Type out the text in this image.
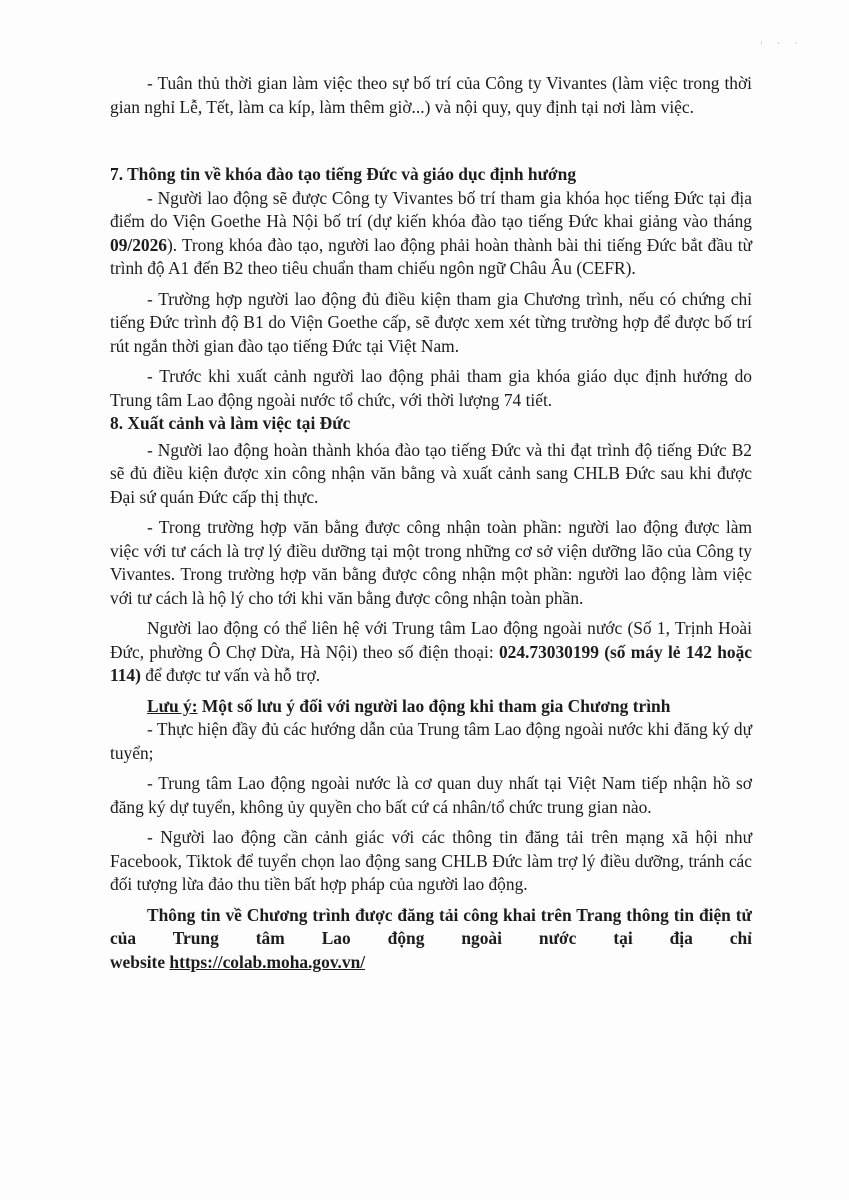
· · ·

- Tuân thủ thời gian làm việc theo sự bố trí của Công ty Vivantes (làm việc trong thời gian nghỉ Lễ, Tết, làm ca kíp, làm thêm giờ...) và nội quy, quy định tại nơi làm việc.

7. Thông tin về khóa đào tạo tiếng Đức và giáo dục định hướng

- Người lao động sẽ được Công ty Vivantes bố trí tham gia khóa học tiếng Đức tại địa điểm do Viện Goethe Hà Nội bố trí (dự kiến khóa đào tạo tiếng Đức khai giảng vào tháng 09/2026). Trong khóa đào tạo, người lao động phải hoàn thành bài thi tiếng Đức bắt đầu từ trình độ A1 đến B2 theo tiêu chuẩn tham chiếu ngôn ngữ Châu Âu (CEFR).

- Trường hợp người lao động đủ điều kiện tham gia Chương trình, nếu có chứng chỉ tiếng Đức trình độ B1 do Viện Goethe cấp, sẽ được xem xét từng trường hợp để được bố trí rút ngắn thời gian đào tạo tiếng Đức tại Việt Nam.

- Trước khi xuất cảnh người lao động phải tham gia khóa giáo dục định hướng do Trung tâm Lao động ngoài nước tổ chức, với thời lượng 74 tiết.

8. Xuất cảnh và làm việc tại Đức

- Người lao động hoàn thành khóa đào tạo tiếng Đức và thi đạt trình độ tiếng Đức B2 sẽ đủ điều kiện được xin công nhận văn bằng và xuất cảnh sang CHLB Đức sau khi được Đại sứ quán Đức cấp thị thực.

- Trong trường hợp văn bằng được công nhận toàn phần: người lao động được làm việc với tư cách là trợ lý điều dưỡng tại một trong những cơ sở viện dưỡng lão của Công ty Vivantes. Trong trường hợp văn bằng được công nhận một phần: người lao động làm việc với tư cách là hộ lý cho tới khi văn bằng được công nhận toàn phần.

Người lao động có thể liên hệ với Trung tâm Lao động ngoài nước (Số 1, Trịnh Hoài Đức, phường Ô Chợ Dừa, Hà Nội) theo số điện thoại: 024.73030199 (số máy lẻ 142 hoặc 114) để được tư vấn và hỗ trợ.

Lưu ý: Một số lưu ý đối với người lao động khi tham gia Chương trình

- Thực hiện đầy đủ các hướng dẫn của Trung tâm Lao động ngoài nước khi đăng ký dự tuyển;

- Trung tâm Lao động ngoài nước là cơ quan duy nhất tại Việt Nam tiếp nhận hồ sơ đăng ký dự tuyển, không ủy quyền cho bất cứ cá nhân/tổ chức trung gian nào.

- Người lao động cần cảnh giác với các thông tin đăng tải trên mạng xã hội như Facebook, Tiktok để tuyển chọn lao động sang CHLB Đức làm trợ lý điều dưỡng, tránh các đối tượng lừa đảo thu tiền bất hợp pháp của người lao động.

Thông tin về Chương trình được đăng tải công khai trên Trang thông tin điện tử của Trung tâm Lao động ngoài nước tại địa chỉ

website https://colab.moha.gov.vn/
